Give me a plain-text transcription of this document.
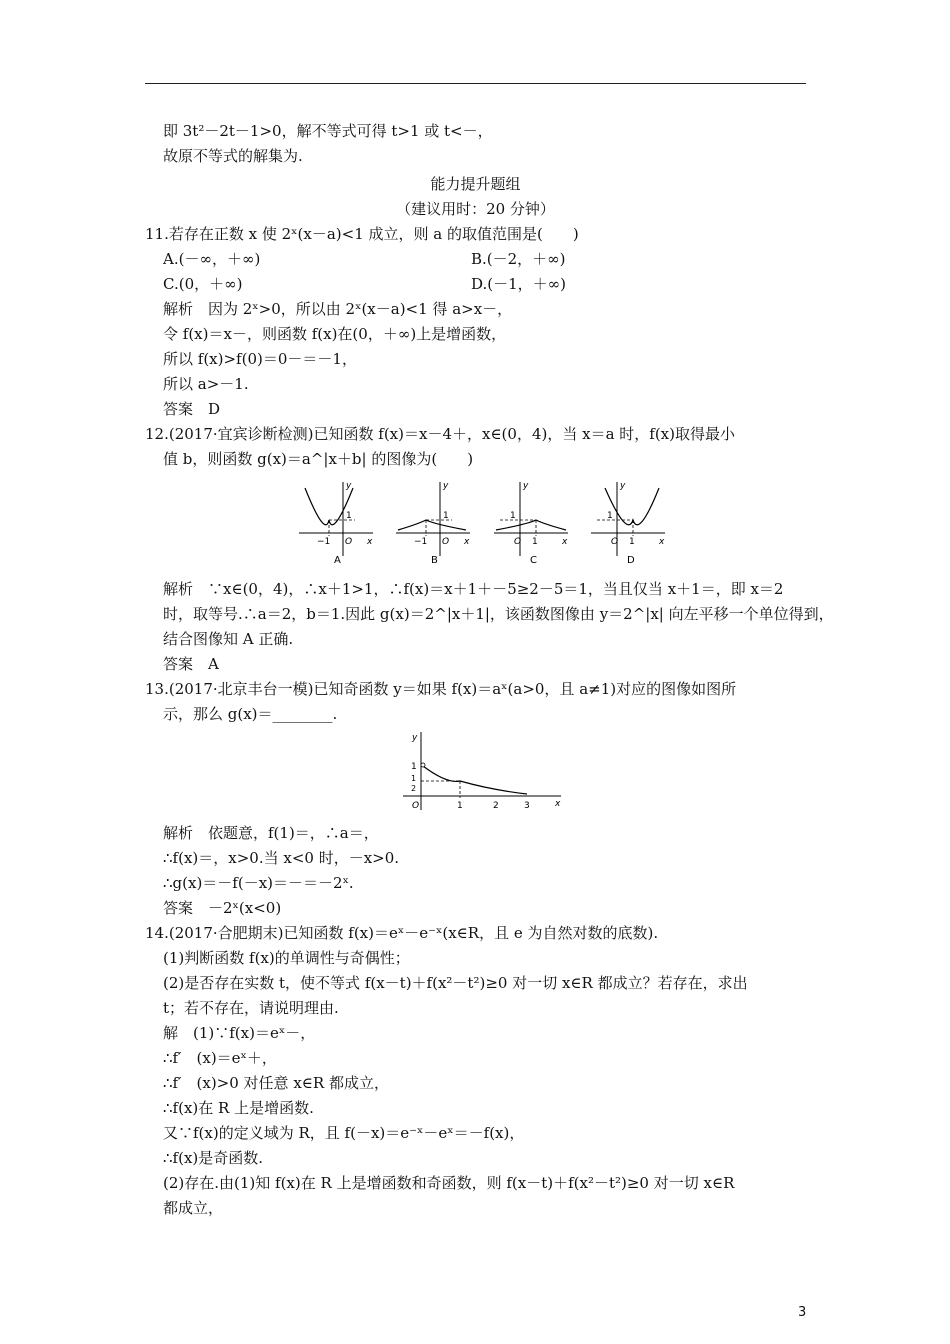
即 3t²－2t－1>0，解不等式可得 t>1 或 t<－，
故原不等式的解集为.
能力提升题组
（建议用时：20 分钟）
11.若存在正数 x 使 2ˣ(x－a)<1 成立，则 a 的取值范围是(　　)
A.(－∞，＋∞)	B.(－2，＋∞)
C.(0，＋∞)	D.(－1，＋∞)
解析　因为 2ˣ>0，所以由 2ˣ(x－a)<1 得 a>x－，
令 f(x)＝x－，则函数 f(x)在(0，＋∞)上是增函数，
所以 f(x)>f(0)＝0－＝－1，
所以 a>－1.
答案　D
12.(2017·宜宾诊断检测)已知函数 f(x)＝x－4＋，x∈(0，4)，当 x＝a 时，f(x)取得最小
值 b，则函数 g(x)＝a^|x＋b| 的图像为(　　)
y
1
−1 O x
A
y
1
−1 O x
B
y
1
O 1	x
C
y
1
O 1	x
D
解析　∵x∈(0，4)，∴x＋1>1，∴f(x)＝x＋1＋－5≥2－5＝1，当且仅当 x＋1＝，即 x＝2
时，取等号.∴a＝2，b＝1.因此 g(x)＝2^|x＋1|，该函数图像由 y＝2^|x| 向左平移一个单位得到，
结合图像知 A 正确.
答案　A
13.(2017·北京丰台一模)已知奇函数 y＝如果 f(x)＝aˣ(a>0，且 a≠1)对应的图像如图所
示，那么 g(x)＝________.
y
1
1
2
O	1	2	3	x
解析　依题意，f(1)＝，∴a＝，
∴f(x)＝，x>0.当 x<0 时，－x>0.
∴g(x)＝－f(－x)＝－＝－2ˣ.
答案　－2ˣ(x<0)
14.(2017·合肥期末)已知函数 f(x)＝eˣ－e⁻ˣ(x∈R，且 e 为自然对数的底数).
(1)判断函数 f(x)的单调性与奇偶性；
(2)是否存在实数 t，使不等式 f(x－t)＋f(x²－t²)≥0 对一切 x∈R 都成立？若存在，求出
t；若不存在，请说明理由.
解　(1)∵f(x)＝eˣ－，
∴f′　(x)＝eˣ＋，
∴f′　(x)>0 对任意 x∈R 都成立，
∴f(x)在 R 上是增函数.
又∵f(x)的定义域为 R，且 f(－x)＝e⁻ˣ－eˣ＝－f(x)，
∴f(x)是奇函数.
(2)存在.由(1)知 f(x)在 R 上是增函数和奇函数，则 f(x－t)＋f(x²－t²)≥0 对一切 x∈R
都成立，
3
